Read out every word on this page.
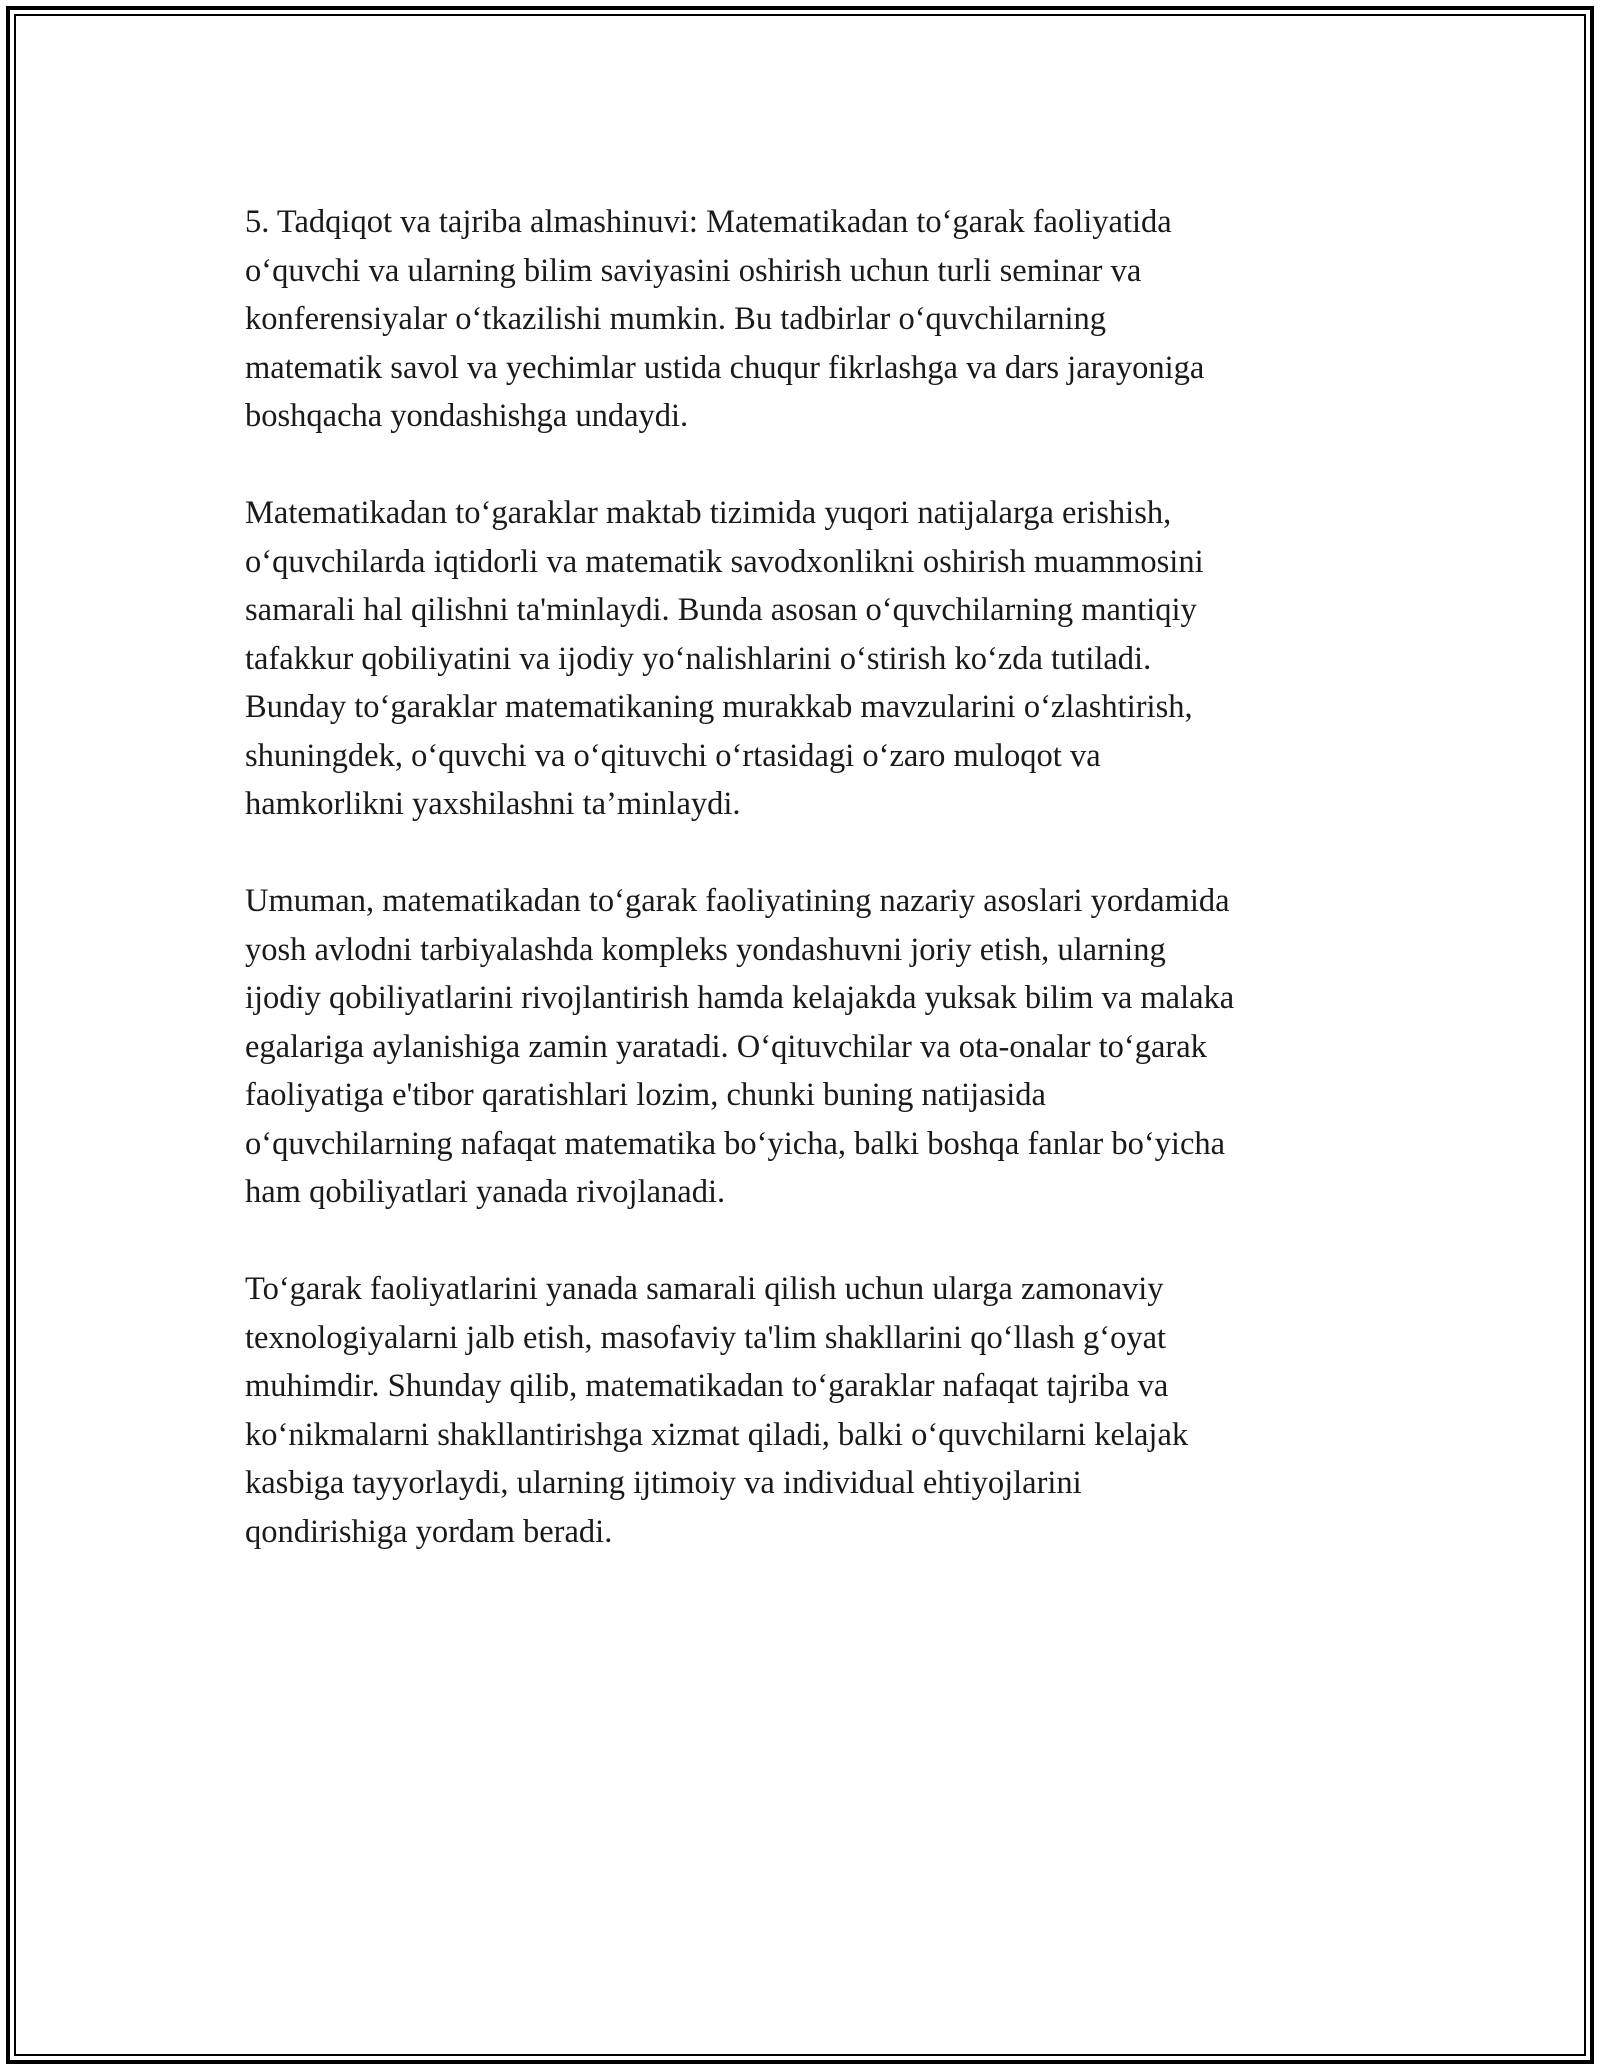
5. Tadqiqot va tajriba almashinuvi: Matematikadan to‘garak faoliyatida
o‘quvchi va ularning bilim saviyasini oshirish uchun turli seminar va
konferensiyalar o‘tkazilishi mumkin. Bu tadbirlar o‘quvchilarning
matematik savol va yechimlar ustida chuqur fikrlashga va dars jarayoniga
boshqacha yondashishga undaydi.

Matematikadan to‘garaklar maktab tizimida yuqori natijalarga erishish,
o‘quvchilarda iqtidorli va matematik savodxonlikni oshirish muammosini
samarali hal qilishni ta'minlaydi. Bunda asosan o‘quvchilarning mantiqiy
tafakkur qobiliyatini va ijodiy yo‘nalishlarini o‘stirish ko‘zda tutiladi.
Bunday to‘garaklar matematikaning murakkab mavzularini o‘zlashtirish,
shuningdek, o‘quvchi va o‘qituvchi o‘rtasidagi o‘zaro muloqot va
hamkorlikni yaxshilashni ta’minlaydi.

Umuman, matematikadan to‘garak faoliyatining nazariy asoslari yordamida
yosh avlodni tarbiyalashda kompleks yondashuvni joriy etish, ularning
ijodiy qobiliyatlarini rivojlantirish hamda kelajakda yuksak bilim va malaka
egalariga aylanishiga zamin yaratadi. O‘qituvchilar va ota-onalar to‘garak
faoliyatiga e'tibor qaratishlari lozim, chunki buning natijasida
o‘quvchilarning nafaqat matematika bo‘yicha, balki boshqa fanlar bo‘yicha
ham qobiliyatlari yanada rivojlanadi.

To‘garak faoliyatlarini yanada samarali qilish uchun ularga zamonaviy
texnologiyalarni jalb etish, masofaviy ta'lim shakllarini qo‘llash g‘oyat
muhimdir. Shunday qilib, matematikadan to‘garaklar nafaqat tajriba va
ko‘nikmalarni shakllantirishga xizmat qiladi, balki o‘quvchilarni kelajak
kasbiga tayyorlaydi, ularning ijtimoiy va individual ehtiyojlarini
qondirishiga yordam beradi.
